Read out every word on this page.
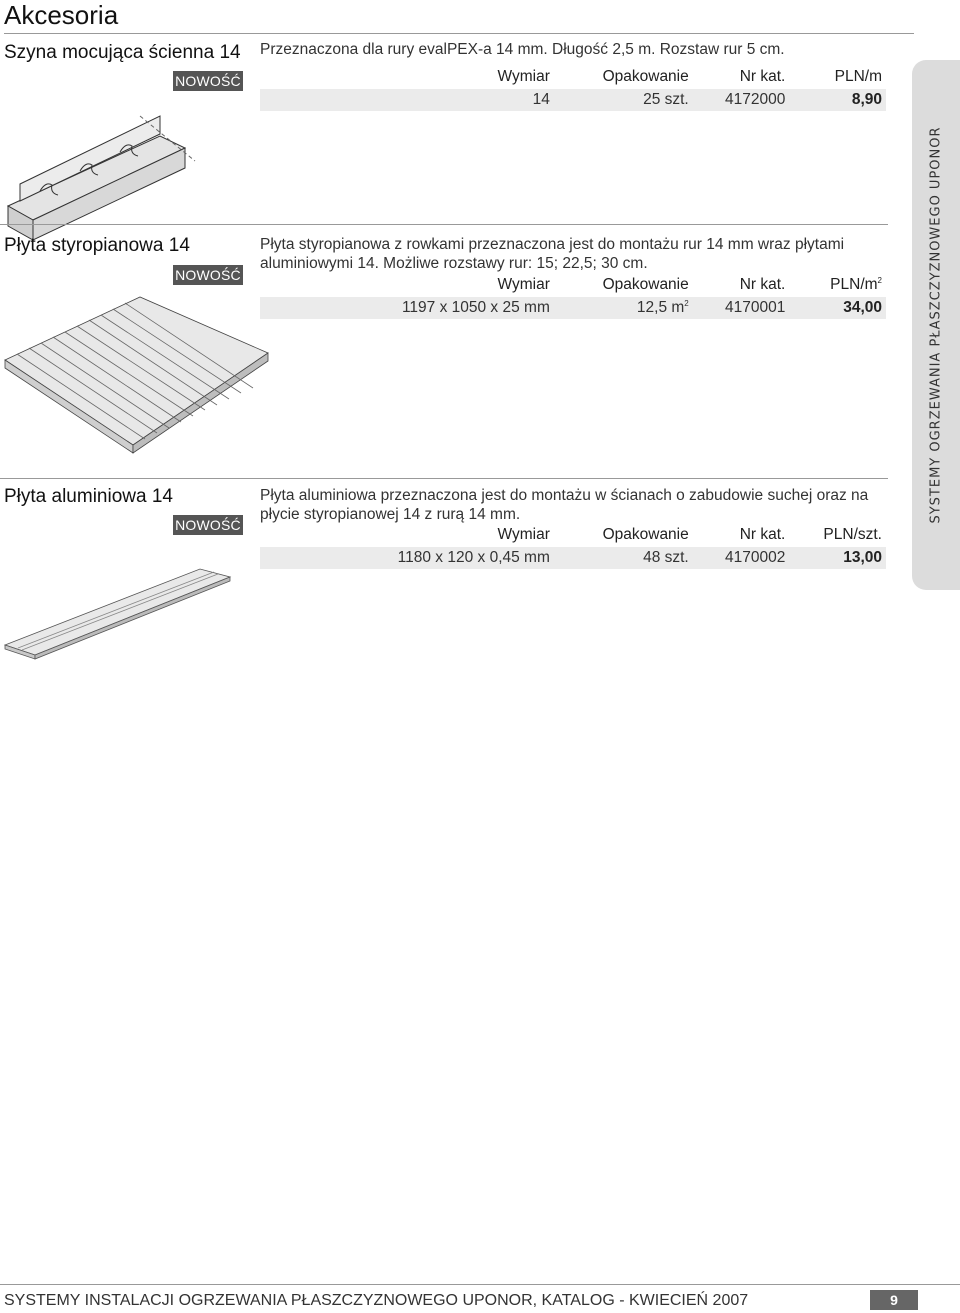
Akcesoria
Szyna mocująca ścienna 14
NOWOŚĆ
Przeznaczona dla rury evalPEX-a 14 mm. Długość 2,5 m. Rozstaw rur 5 cm.
Wymiar	Opakowanie	Nr kat.	PLN/m
14	25 szt.	4172000	8,90
Płyta styropianowa 14
NOWOŚĆ
Płyta styropianowa z rowkami przeznaczona jest do montażu rur 14 mm wraz płytami aluminiowymi 14. Możliwe rozstawy rur: 15; 22,5; 30 cm.
Wymiar	Opakowanie	Nr kat.	PLN/$m^2$
1197 x 1050 x 25 mm	12,5 $m^2$	4170001	34,00
Płyta aluminiowa 14
NOWOŚĆ
Płyta aluminiowa przeznaczona jest do montażu w ścianach o zabudowie suchej oraz na płycie styropianowej 14 z rurą 14 mm.
Wymiar	Opakowanie	Nr kat.	PLN/szt.
1180 x 120 x 0,45 mm	48 szt.	4170002	13,00
SYSTEMY OGRZEWANIA PŁASZCZYZNOWEGO UPONOR
SYSTEMY INSTALACJI OGRZEWANIA PŁASZCZYZNOWEGO UPONOR, KATALOG - KWIECIEŃ 2007	9
